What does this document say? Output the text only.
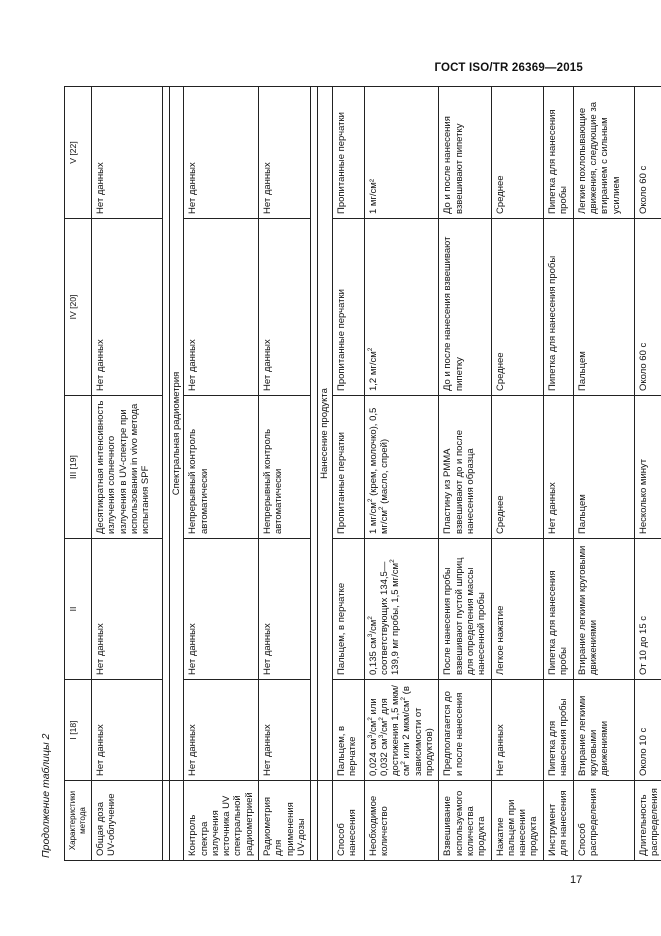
ГОСТ ISO/TR 26369—2015
Продолжение таблицы 2
17
Характеристики метода	I [18]	II	III [19]	IV [20]	V [22]
Общая доза UV-облучение	Нет данных	Нет данных	Десятикратная интенсивность излучения солнечного излучения в UV-спектре при использовании in vivo метода испытания SPF	Нет данных	Нет данных

	Спектральная радиометрия				
Контроль спектра излучения источника UV спектральной радиометрией	Нет данных	Нет данных	Непрерывный контроль автоматически	Нет данных	Нет данных
Радиометрия для применения UV-дозы	Нет данных	Нет данных	Непрерывный контроль автоматически	Нет данных	Нет данных

	Нанесение продукта				
Способ нанесения	Пальцем, в перчатке	Пальцем, в перчатке	Пропитанные перчатки	Пропитанные перчатки	Пропитанные перчатки
Необходимое количество	0,024 $см^3/см^2$ или 0,032 $см^3/см^2$ для достижения 1,5 мкм/$см^2$ или 2 мкм/$см^2$ (в зависимости от продуктов)	0,135 $см^3/см^2$ соответствующих 134,5—139,9 мг пробы, 1,5 $мг/см^2$	1 $мг/см^2$ (крем, молочко), 0,5 $мг/см^2$ (масло, спрей)	1,2 $мг/см^2$	1 мг/см²
Взвешивание используемого количества продукта	Предполагается до и после нанесения	После нанесения пробы взвешивают пустой шприц для определения массы нанесенной пробы	Пластину из PMMA взвешивают до и после нанесения образца	До и после нанесения взвешивают пипетку	До и после нанесения взвешивают пипетку
Нажатие пальцем при нанесении продукта	Нет данных	Легкое нажатие	Среднее	Среднее	Среднее
Инструмент для нанесения	Пипетка для нанесения пробы	Пипетка для нанесения пробы	Нет данных	Пипетка для нанесения пробы	Пипетка для нанесения пробы
Способ распределения	Втирание легкими круговыми движениями	Втирание легкими круговыми движениями	Пальцем	Пальцем	Легкие похлопывающие движения, следующие за втиранием с сильным усилием
Длительность распределения	Около 10 с	От 10 до 15 с	Несколько минут	Около 60 с	Около 60 с
